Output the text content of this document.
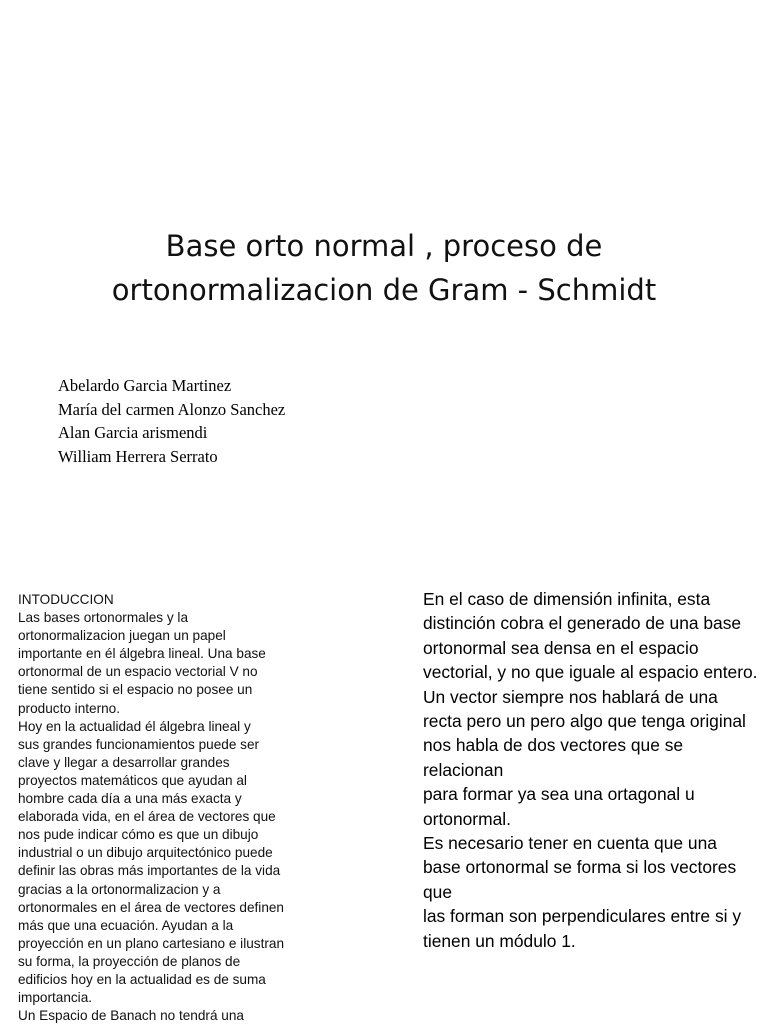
Base orto normal , proceso de
ortonormalizacion de Gram - Schmidt
Abelardo Garcia Martinez
María del carmen Alonzo Sanchez
Alan Garcia arismendi
William Herrera Serrato
INTODUCCION
Las bases ortonormales y la
ortonormalizacion juegan un papel
importante en él álgebra lineal. Una base
ortonormal de un espacio vectorial V no
tiene sentido si el espacio no posee un
producto interno.
Hoy en la actualidad él álgebra lineal y
sus grandes funcionamientos puede ser
clave y llegar a desarrollar grandes
proyectos matemáticos que ayudan al
hombre cada día a una más exacta y
elaborada vida, en el área de vectores que
nos pude indicar cómo es que un dibujo
industrial o un dibujo arquitectónico puede
definir las obras más importantes de la vida
gracias a la ortonormalizacion y a
ortonormales en el área de vectores definen
más que una ecuación. Ayudan a la
proyección en un plano cartesiano e ilustran
su forma, la proyección de planos de
edificios hoy en la actualidad es de suma
importancia.
Un Espacio de Banach no tendrá una
En el caso de dimensión infinita, esta
distinción cobra el generado de una base
ortonormal sea densa en el espacio
vectorial, y no que iguale al espacio entero.
Un vector siempre nos hablará de una
recta pero un pero algo que tenga original
nos habla de dos vectores que se
relacionan
para formar ya sea una ortagonal u
ortonormal.
Es necesario tener en cuenta que una
base ortonormal se forma si los vectores
que
las forman son perpendiculares entre si y
tienen un módulo 1.
